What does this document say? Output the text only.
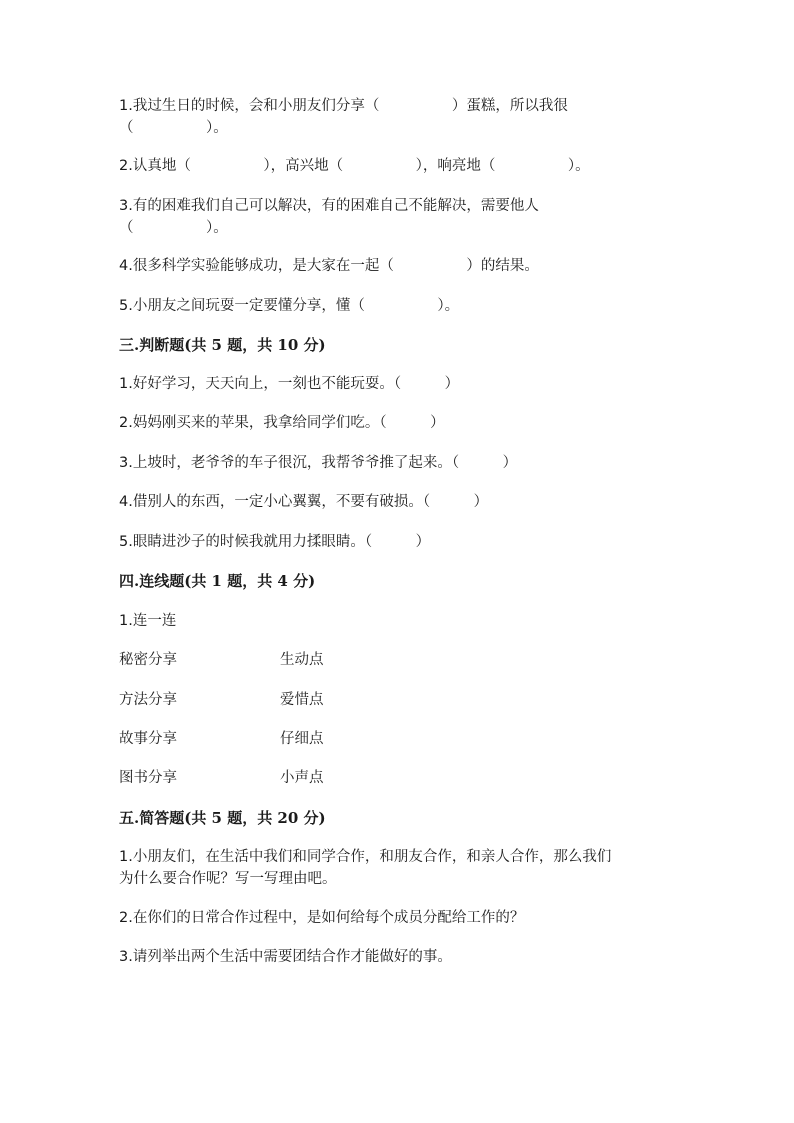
1.我过生日的时候，会和小朋友们分享（　　　　　）蛋糕，所以我很
（　　　　　）。
2.认真地（　　　　　），高兴地（　　　　　），响亮地（　　　　　）。
3.有的困难我们自己可以解决，有的困难自己不能解决，需要他人
（　　　　　）。
4.很多科学实验能够成功，是大家在一起（　　　　　）的结果。
5.小朋友之间玩耍一定要懂分享，懂（　　　　　）。
三.判断题(共 5 题，共 10 分)
1.好好学习，天天向上，一刻也不能玩耍。（　　　）
2.妈妈刚买来的苹果，我拿给同学们吃。（　　　）
3.上坡时，老爷爷的车子很沉，我帮爷爷推了起来。（　　　）
4.借别人的东西，一定小心翼翼，不要有破损。（　　　）
5.眼睛进沙子的时候我就用力揉眼睛。（　　　）
四.连线题(共 1 题，共 4 分)
1.连一连
秘密分享	生动点
方法分享	爱惜点
故事分享	仔细点
图书分享	小声点
五.简答题(共 5 题，共 20 分)
1.小朋友们，在生活中我们和同学合作，和朋友合作，和亲人合作，那么我们
为什么要合作呢？写一写理由吧。
2.在你们的日常合作过程中，是如何给每个成员分配给工作的？
3.请列举出两个生活中需要团结合作才能做好的事。
